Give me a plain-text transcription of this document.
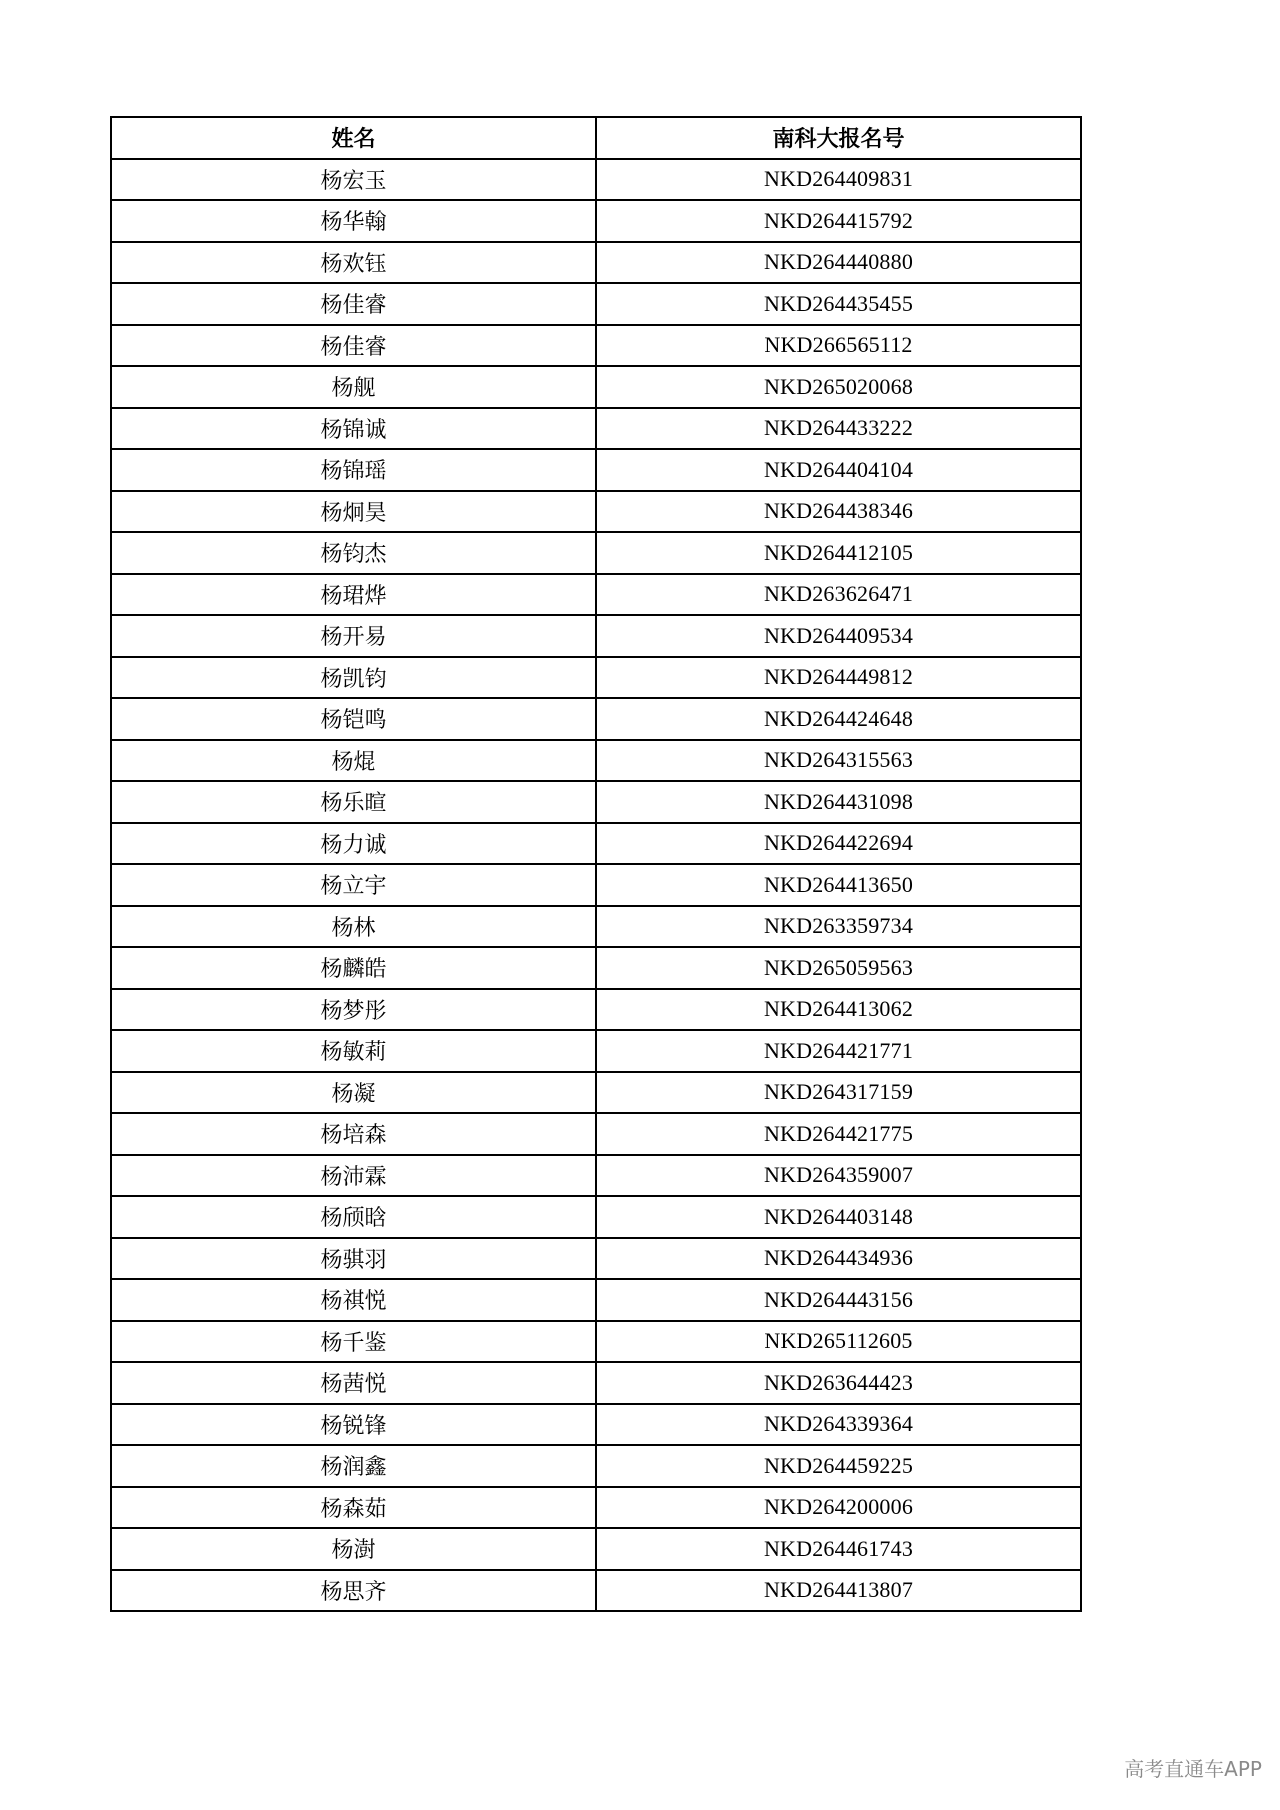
姓名	南科大报名号
杨宏玉	NKD264409831
杨华翰	NKD264415792
杨欢钰	NKD264440880
杨佳睿	NKD264435455
杨佳睿	NKD266565112
杨舰	NKD265020068
杨锦诚	NKD264433222
杨锦瑶	NKD264404104
杨炯昊	NKD264438346
杨钧杰	NKD264412105
杨珺烨	NKD263626471
杨开易	NKD264409534
杨凯钧	NKD264449812
杨铠鸣	NKD264424648
杨焜	NKD264315563
杨乐暄	NKD264431098
杨力诚	NKD264422694
杨立宇	NKD264413650
杨林	NKD263359734
杨麟皓	NKD265059563
杨梦彤	NKD264413062
杨敏莉	NKD264421771
杨凝	NKD264317159
杨培森	NKD264421775
杨沛霖	NKD264359007
杨颀晗	NKD264403148
杨骐羽	NKD264434936
杨祺悦	NKD264443156
杨千鉴	NKD265112605
杨茜悦	NKD263644423
杨锐锋	NKD264339364
杨润鑫	NKD264459225
杨森茹	NKD264200006
杨澍	NKD264461743
杨思齐	NKD264413807
高考直通车APP
